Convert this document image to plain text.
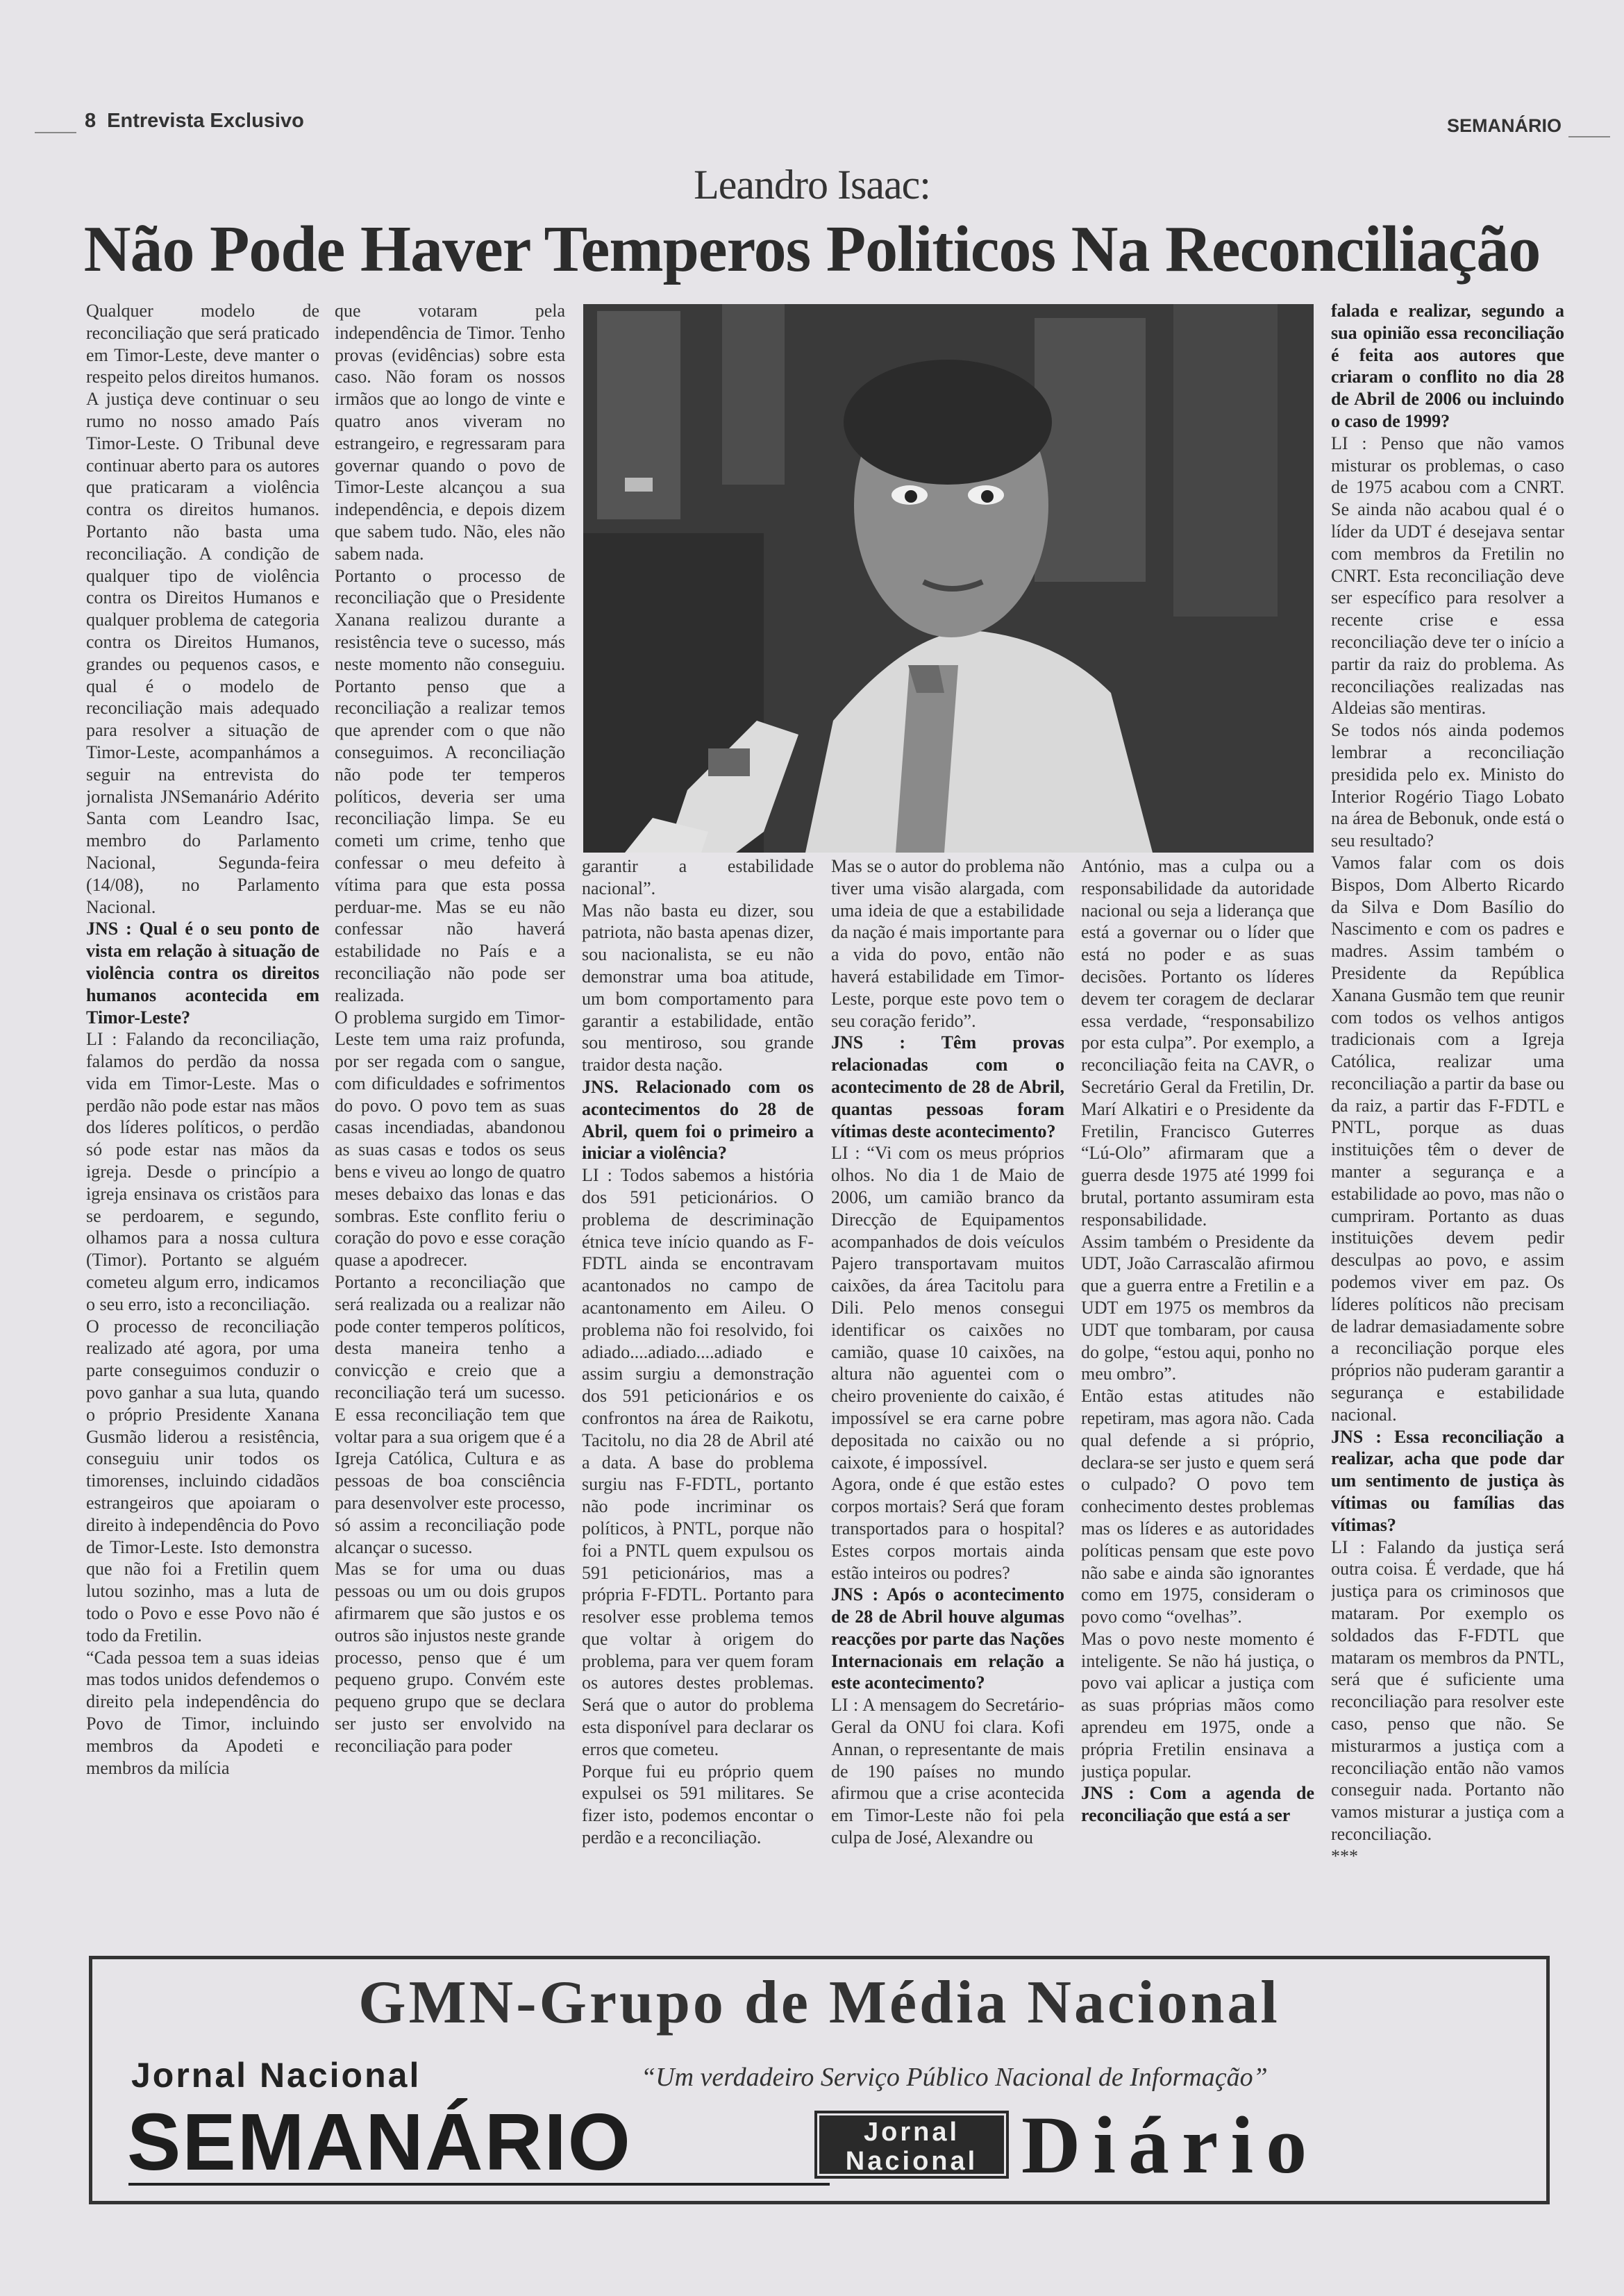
8 Entrevista Exclusivo	SEMANÁRIO
Leandro Isaac:
Não Pode Haver Temperos Politicos Na Reconciliação

Qualquer modelo de reconciliação que será praticado em Timor-Leste, deve manter o respeito pelos direitos humanos. A justiça deve continuar o seu rumo no nosso amado País Timor-Leste. O Tribunal deve continuar aberto para os autores que praticaram a violência contra os direitos humanos. Portanto não basta uma reconciliação. A condição de qualquer tipo de violência contra os Direitos Humanos e qualquer problema de categoria contra os Direitos Humanos, grandes ou pequenos casos, e qual é o modelo de reconciliação mais adequado para resolver a situação de Timor-Leste, acompanhámos a seguir na entrevista do jornalista JNSemanário Adérito Santa com Leandro Isac, membro do Parlamento Nacional, Segunda-feira (14/08), no Parlamento Nacional.

JNS : Qual é o seu ponto de vista em relação à situação de violência contra os direitos humanos acontecida em Timor-Leste?

LI : Falando da reconciliação, falamos do perdão da nossa vida em Timor-Leste. Mas o perdão não pode estar nas mãos dos líderes políticos, o perdão só pode estar nas mãos da igreja. Desde o princípio a igreja ensinava os cristãos para se perdoarem, e segundo, olhamos para a nossa cultura (Timor). Portanto se alguém cometeu algum erro, indicamos o seu erro, isto a reconciliação.

O processo de reconciliação realizado até agora, por uma parte conseguimos conduzir o povo ganhar a sua luta, quando o próprio Presidente Xanana Gusmão liderou a resistência, conseguiu unir todos os timorenses, incluindo cidadãos estrangeiros que apoiaram o direito à independência do Povo de Timor-Leste. Isto demonstra que não foi a Fretilin quem lutou sozinho, mas a luta de todo o Povo e esse Povo não é todo da Fretilin.

“Cada pessoa tem a suas ideias mas todos unidos defendemos o direito pela independência do Povo de Timor, incluindo membros da Apodeti e membros da milícia

que votaram pela independência de Timor. Tenho provas (evidências) sobre esta caso. Não foram os nossos irmãos que ao longo de vinte e quatro anos viveram no estrangeiro, e regressaram para governar quando o povo de Timor-Leste alcançou a sua independência, e depois dizem que sabem tudo. Não, eles não sabem nada.

Portanto o processo de reconciliação que o Presidente Xanana realizou durante a resistência teve o sucesso, más neste momento não conseguiu. Portanto penso que a reconciliação a realizar temos que aprender com o que não conseguimos. A reconciliação não pode ter temperos políticos, deveria ser uma reconciliação limpa. Se eu cometi um crime, tenho que confessar o meu defeito à vítima para que esta possa perduar-me. Mas se eu não confessar não haverá estabilidade no País e a reconciliação não pode ser realizada.

O problema surgido em Timor-Leste tem uma raiz profunda, por ser regada com o sangue, com dificuldades e sofrimentos do povo. O povo tem as suas casas incendiadas, abandonou as suas casas e todos os seus bens e viveu ao longo de quatro meses debaixo das lonas e das sombras. Este conflito feriu o coração do povo e esse coração quase a apodrecer.

Portanto a reconciliação que será realizada ou a realizar não pode conter temperos políticos, desta maneira tenho a convicção e creio que a reconciliação terá um sucesso. E essa reconciliação tem que voltar para a sua origem que é a Igreja Católica, Cultura e as pessoas de boa consciência para desenvolver este processo, só assim a reconciliação pode alcançar o sucesso.

Mas se for uma ou duas pessoas ou um ou dois grupos afirmarem que são justos e os outros são injustos neste grande processo, penso que é um pequeno grupo. Convém este pequeno grupo que se declara ser justo ser envolvido na reconciliação para poder

garantir a estabilidade nacional”.

Mas não basta eu dizer, sou patriota, não basta apenas dizer, sou nacionalista, se eu não demonstrar uma boa atitude, um bom comportamento para garantir a estabilidade, então sou mentiroso, sou grande traidor desta nação.

JNS. Relacionado com os acontecimentos do 28 de Abril, quem foi o primeiro a iniciar a violência?

LI : Todos sabemos a história dos 591 peticionários. O problema de descriminação étnica teve início quando as F-FDTL ainda se encontravam acantonados no campo de acantonamento em Aileu. O problema não foi resolvido, foi adiado....adiado....adiado e assim surgiu a demonstração dos 591 peticionários e os confrontos na área de Raikotu, Tacitolu, no dia 28 de Abril até a data. A base do problema surgiu nas F-FDTL, portanto não pode incriminar os políticos, à PNTL, porque não foi a PNTL quem expulsou os 591 peticionários, mas a própria F-FDTL. Portanto para resolver esse problema temos que voltar à origem do problema, para ver quem foram os autores destes problemas. Será que o autor do problema esta disponível para declarar os erros que cometeu.

Porque fui eu próprio quem expulsei os 591 militares. Se fizer isto, podemos encontar o perdão e a reconciliação.

Mas se o autor do problema não tiver uma visão alargada, com uma ideia de que a estabilidade da nação é mais importante para a vida do povo, então não haverá estabilidade em Timor-Leste, porque este povo tem o seu coração ferido”.

JNS : Têm provas relacionadas com o acontecimento de 28 de Abril, quantas pessoas foram vítimas deste acontecimento?

LI : “Vi com os meus próprios olhos. No dia 1 de Maio de 2006, um camião branco da Direcção de Equipamentos acompanhados de dois veículos Pajero transportavam muitos caixões, da área Tacitolu para Dili. Pelo menos consegui identificar os caixões no camião, quase 10 caixões, na altura não aguentei com o cheiro proveniente do caixão, é impossível se era carne pobre depositada no caixão ou no caixote, é impossível.

Agora, onde é que estão estes corpos mortais? Será que foram transportados para o hospital? Estes corpos mortais ainda estão inteiros ou podres?

JNS : Após o acontecimento de 28 de Abril houve algumas reacções por parte das Nações Internacionais em relação a este acontecimento?

LI : A mensagem do Secretário-Geral da ONU foi clara. Kofi Annan, o representante de mais de 190 países no mundo afirmou que a crise acontecida em Timor-Leste não foi pela culpa de José, Alexandre ou

António, mas a culpa ou a responsabilidade da autoridade nacional ou seja a liderança que está a governar ou o líder que está no poder e as suas decisões. Portanto os líderes devem ter coragem de declarar essa verdade, “responsabilizo por esta culpa”. Por exemplo, a reconciliação feita na CAVR, o Secretário Geral da Fretilin, Dr. Marí Alkatiri e o Presidente da Fretilin, Francisco Guterres “Lú-Olo” afirmaram que a guerra desde 1975 até 1999 foi brutal, portanto assumiram esta responsabilidade.

Assim também o Presidente da UDT, João Carrascalão afirmou que a guerra entre a Fretilin e a UDT em 1975 os membros da UDT que tombaram, por causa do golpe, “estou aqui, ponho no meu ombro”.

Então estas atitudes não repetiram, mas agora não. Cada qual defende a si próprio, declara-se ser justo e quem será o culpado? O povo tem conhecimento destes problemas mas os líderes e as autoridades políticas pensam que este povo não sabe e ainda são ignorantes como em 1975, consideram o povo como “ovelhas”.

Mas o povo neste momento é inteligente. Se não há justiça, o povo vai aplicar a justiça com as suas próprias mãos como aprendeu em 1975, onde a própria Fretilin ensinava a justiça popular.

JNS : Com a agenda de reconciliação que está a ser

falada e realizar, segundo a sua opinião essa reconciliação é feita aos autores que criaram o conflito no dia 28 de Abril de 2006 ou incluindo o caso de 1999?

LI : Penso que não vamos misturar os problemas, o caso de 1975 acabou com a CNRT. Se ainda não acabou qual é o líder da UDT é desejava sentar com membros da Fretilin no CNRT. Esta reconciliação deve ser específico para resolver a recente crise e essa reconciliação deve ter o início a partir da raiz do problema. As reconciliações realizadas nas Aldeias são mentiras.

Se todos nós ainda podemos lembrar a reconciliação presidida pelo ex. Ministo do Interior Rogério Tiago Lobato na área de Bebonuk, onde está o seu resultado?

Vamos falar com os dois Bispos, Dom Alberto Ricardo da Silva e Dom Basílio do Nascimento e com os padres e madres. Assim também o Presidente da República Xanana Gusmão tem que reunir com todos os velhos antigos tradicionais com a Igreja Católica, realizar uma reconciliação a partir da base ou da raiz, a partir das F-FDTL e PNTL, porque as duas instituições têm o dever de manter a segurança e a estabilidade ao povo, mas não o cumpriram. Portanto as duas instituições devem pedir desculpas ao povo, e assim podemos viver em paz. Os líderes políticos não precisam de ladrar demasiadamente sobre a reconciliação porque eles próprios não puderam garantir a segurança e estabilidade nacional.

JNS : Essa reconciliação a realizar, acha que pode dar um sentimento de justiça às vítimas ou famílias das vítimas?

LI : Falando da justiça será outra coisa. É verdade, que há justiça para os criminosos que mataram. Por exemplo os soldados das F-FDTL que mataram os membros da PNTL, será que é suficiente uma reconciliação para resolver este caso, penso que não. Se misturarmos a justiça com a reconciliação então não vamos conseguir nada. Portanto não vamos misturar a justiça com a reconciliação.

***

GMN-Grupo de Média Nacional
Jornal Nacional	“Um verdadeiro Serviço Público Nacional de Informação”
SEMANÁRIO	Jornal
Nacional Diário
